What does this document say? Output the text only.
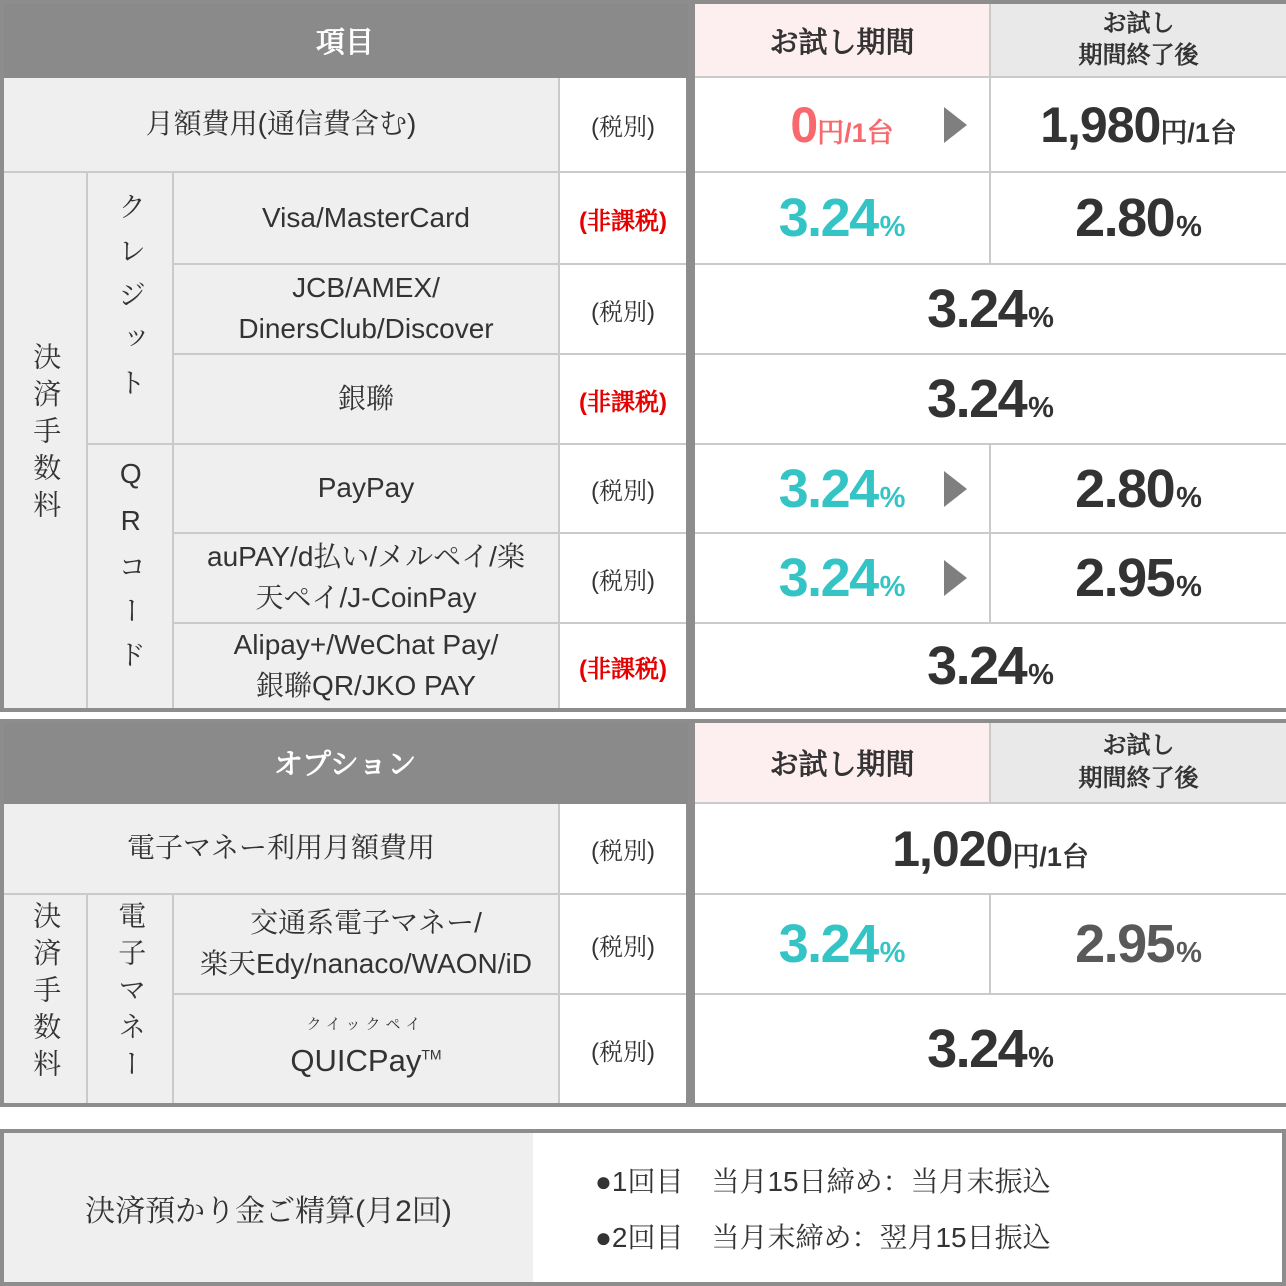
項目					お試し期間	お試し
期間終了後
月額費用(通信費含む)			(税別)		0円/1台	1,980円/1台
決済手数料	クレジット	Visa/MasterCard	(非課税)		3.24%	2.80%
		JCB/AMEX/
DinersClub/Discover	(税別)		3.24%	
		銀聯	(非課税)		3.24%	
	QRコード	PayPay	(税別)		3.24%	2.80%
		auPAY/d払い/メルペイ/楽
天ペイ/J-CoinPay	(税別)		3.24%	2.95%
		Alipay+/WeChat Pay/
銀聯QR/JKO PAY	(非課税)		3.24%	
オプション					お試し期間	お試し
期間終了後
電子マネー利用月額費用			(税別)		1,020円/1台	
決済手数料	電子マネー	交通系電子マネー/
楽天Edy/nanaco/WAON/iD	(税別)		3.24%	2.95%

		クイックペイ
QUICPay™	(税別)		3.24%	
決済預かり金ご精算(月2回)
●1回目　当月15日締め：当月末振込
●2回目　当月末締め：翌月15日振込
